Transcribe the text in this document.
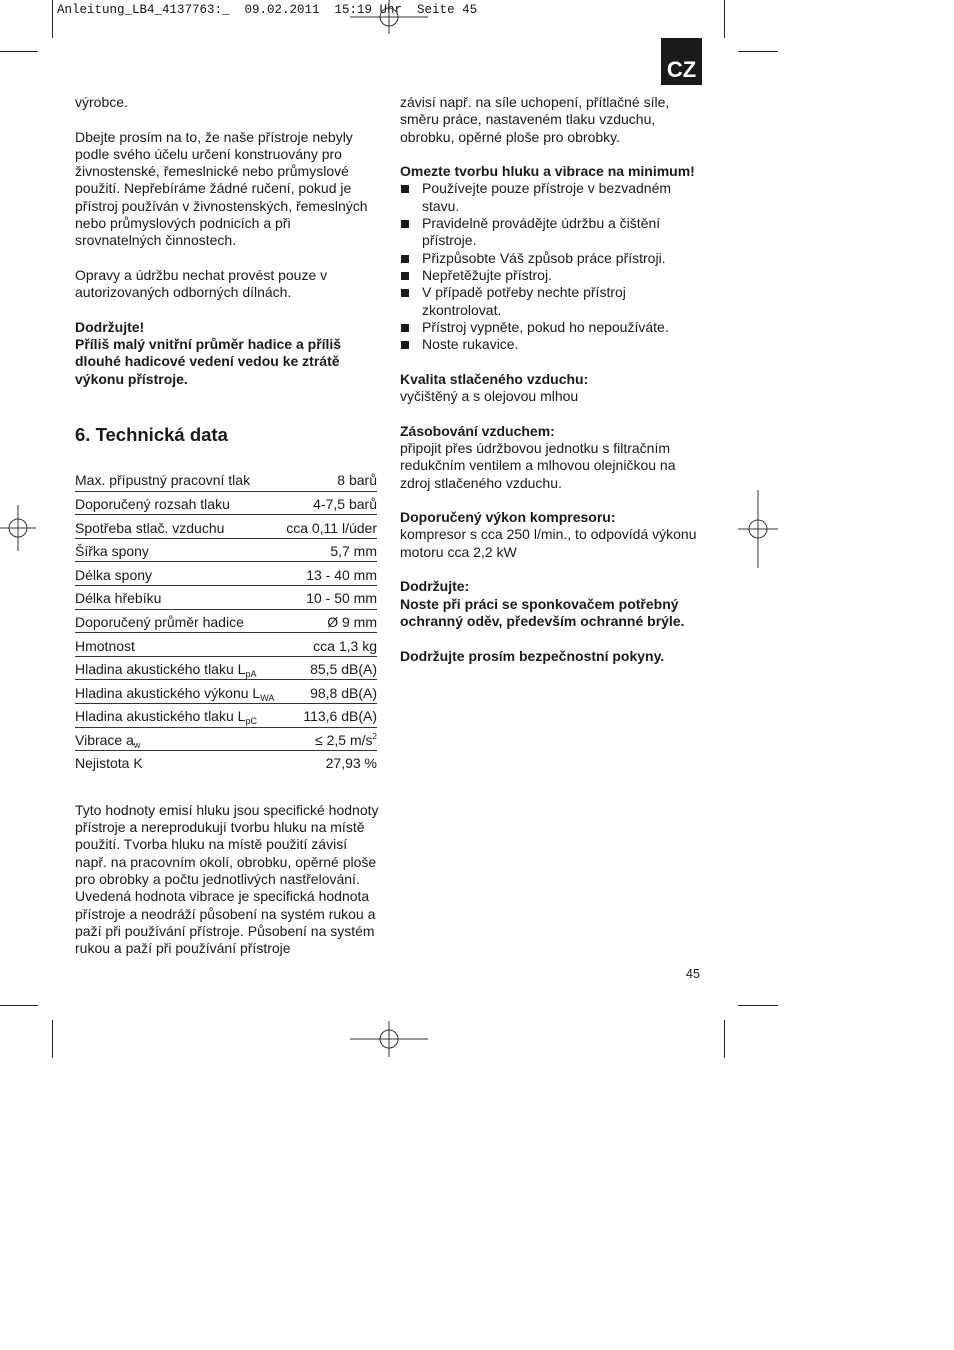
Anleitung_LB4_4137763:_  09.02.2011  15:19 Uhr  Seite 45
CZ

výrobce.

Dbejte prosím na to, že naše přístroje nebyly podle svého účelu určení konstruovány pro živnostenské, řemeslnické nebo průmyslové použití. Nepřebíráme žádné ručení, pokud je přístroj používán v živnostenských, řemeslných nebo průmyslových podnicích a při srovnatelných činnostech.

Opravy a údržbu nechat provést pouze v autorizovaných odborných dílnách.

Dodržujte!

Příliš malý vnitřní průměr hadice a příliš dlouhé hadicové vedení vedou ke ztrátě výkonu přístroje.

6. Technická data
Max. přípustný pracovní tlak	8 barů
Doporučený rozsah tlaku	4-7,5 barů
Spotřeba stlač. vzduchu	cca 0,11 l/úder
Šířka spony	5,7 mm
Délka spony	13 - 40 mm
Délka hřebíku	10 - 50 mm
Doporučený průměr hadice	Ø 9 mm
Hmotnost	cca 1,3 kg
Hladina akustického tlaku $L_{pA}$	85,5 dB(A)
Hladina akustického výkonu $L_{WA}$	98,8 dB(A)
Hladina akustického tlaku $L_{pC}$	113,6 dB(A)
Vibrace $a_w$	≤ 2,5 $m/s^2$
Nejistota K	27,93 %

Tyto hodnoty emisí hluku jsou specifické hodnoty přístroje a nereprodukují tvorbu hluku na místě použití. Tvorba hluku na místě použití závisí např. na pracovním okolí, obrobku, opěrné ploše pro obrobky a počtu jednotlivých nastřelování.

Uvedená hodnota vibrace je specifická hodnota přístroje a neodráží působení na systém rukou a paží při používání přístroje. Působení na systém rukou a paží při používání přístroje

závisí např. na síle uchopení, přítlačné síle, směru práce, nastaveném tlaku vzduchu, obrobku, opěrné ploše pro obrobky.

Omezte tvorbu hluku a vibrace na minimum!

Používejte pouze přístroje v bezvadném stavu.
Pravidelně provádějte údržbu a čištění přístroje.
Přizpůsobte Váš způsob práce přístroji.
Nepřetěžujte přístroj.
V případě potřeby nechte přístroj zkontrolovat.
Přístroj vypněte, pokud ho nepoužíváte.
Noste rukavice.

Kvalita stlačeného vzduchu:

vyčištěný a s olejovou mlhou

Zásobování vzduchem:

připojit přes údržbovou jednotku s filtračním redukčním ventilem a mlhovou olejničkou na zdroj stlačeného vzduchu.

Doporučený výkon kompresoru:

kompresor s cca 250 l/min., to odpovídá výkonu motoru cca 2,2 kW

Dodržujte:

Noste při práci se sponkovačem potřebný ochranný oděv, především ochranné brýle.

Dodržujte prosím bezpečnostní pokyny.

45
